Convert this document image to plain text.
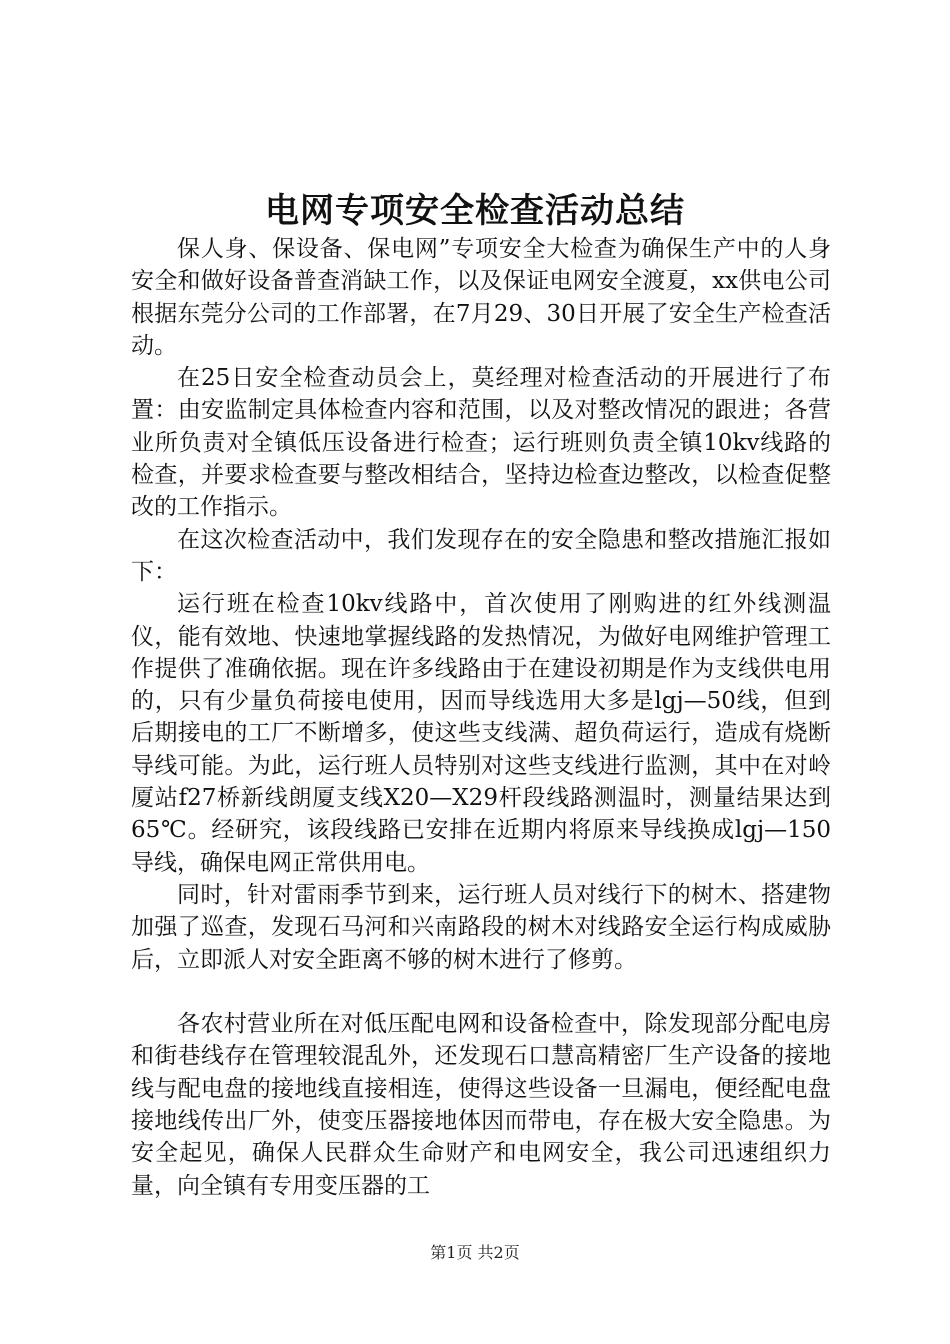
电网专项安全检查活动总结

保人身、保设备、保电网”专项安全大检查为确保生产中的人身安全和做好设备普查消缺工作，以及保证电网安全渡夏，xx供电公司根据东莞分公司的工作部署，在7月29、30日开展了安全生产检查活动。

在25日安全检查动员会上，莫经理对检查活动的开展进行了布置：由安监制定具体检查内容和范围，以及对整改情况的跟进；各营业所负责对全镇低压设备进行检查；运行班则负责全镇10kv线路的检查，并要求检查要与整改相结合，坚持边检查边整改，以检查促整改的工作指示。

在这次检查活动中，我们发现存在的安全隐患和整改措施汇报如下：

运行班在检查10kv线路中，首次使用了刚购进的红外线测温仪，能有效地、快速地掌握线路的发热情况，为做好电网维护管理工作提供了准确依据。现在许多线路由于在建设初期是作为支线供电用的，只有少量负荷接电使用，因而导线选用大多是lgj—50线，但到后期接电的工厂不断增多，使这些支线满、超负荷运行，造成有烧断导线可能。为此，运行班人员特别对这些支线进行监测，其中在对岭厦站f27桥新线朗厦支线X20—X29杆段线路测温时，测量结果达到65℃。经研究，该段线路已安排在近期内将原来导线换成lgj—150导线，确保电网正常供用电。

同时，针对雷雨季节到来，运行班人员对线行下的树木、搭建物加强了巡查，发现石马河和兴南路段的树木对线路安全运行构成威胁后，立即派人对安全距离不够的树木进行了修剪。

各农村营业所在对低压配电网和设备检查中，除发现部分配电房和街巷线存在管理较混乱外，还发现石口慧高精密厂生产设备的接地线与配电盘的接地线直接相连，使得这些设备一旦漏电，便经配电盘接地线传出厂外，使变压器接地体因而带电，存在极大安全隐患。为安全起见，确保人民群众生命财产和电网安全，我公司迅速组织力量，向全镇有专用变压器的工

第1页 共2页
